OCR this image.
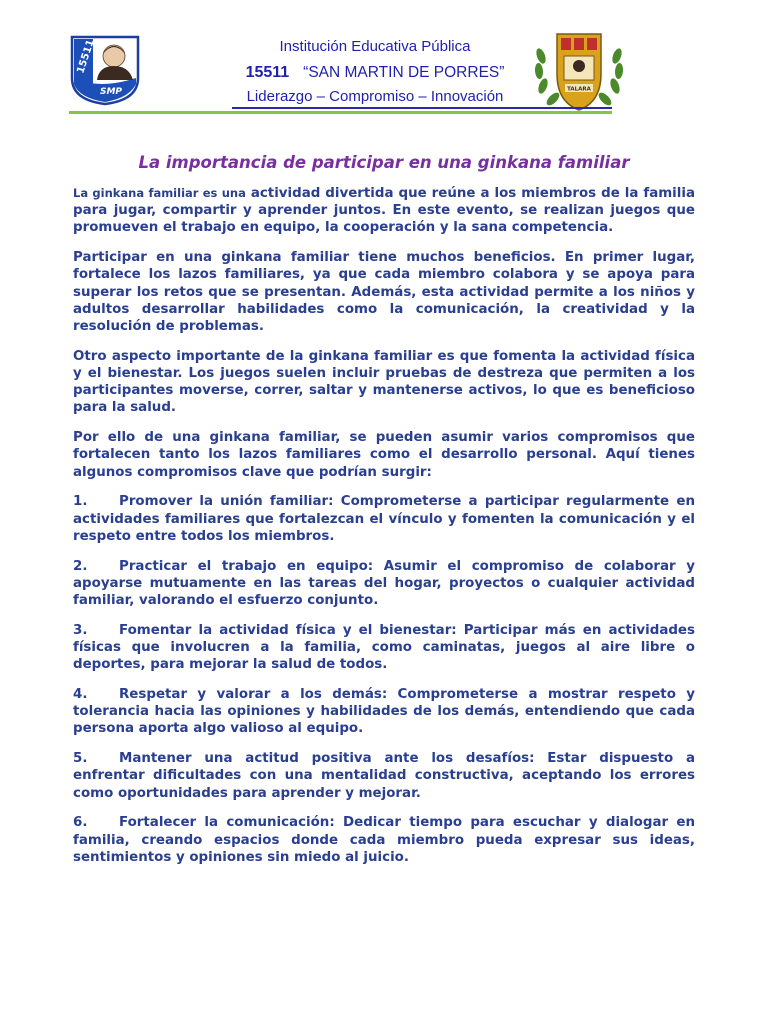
15511
SMP
Institución Educativa Pública
15511 “SAN MARTIN DE PORRES”
Liderazgo – Compromiso – Innovación	TALARA
La importancia de participar en una ginkana familiar

La ginkana familiar es una actividad divertida que reúne a los miembros de la familia para jugar, compartir y aprender juntos. En este evento, se realizan juegos que promueven el trabajo en equipo, la cooperación y la sana competencia.

Participar en una ginkana familiar tiene muchos beneficios. En primer lugar, fortalece los lazos familiares, ya que cada miembro colabora y se apoya para superar los retos que se presentan. Además, esta actividad permite a los niños y adultos desarrollar habilidades como la comunicación, la creatividad y la resolución de problemas.

Otro aspecto importante de la ginkana familiar es que fomenta la actividad física y el bienestar. Los juegos suelen incluir pruebas de destreza que permiten a los participantes moverse, correr, saltar y mantenerse activos, lo que es beneficioso para la salud.

Por ello de una ginkana familiar, se pueden asumir varios compromisos que fortalecen tanto los lazos familiares como el desarrollo personal. Aquí tienes algunos compromisos clave que podrían surgir:

1. Promover la unión familiar: Comprometerse a participar regularmente en actividades familiares que fortalezcan el vínculo y fomenten la comunicación y el respeto entre todos los miembros.

2. Practicar el trabajo en equipo: Asumir el compromiso de colaborar y apoyarse mutuamente en las tareas del hogar, proyectos o cualquier actividad familiar, valorando el esfuerzo conjunto.

3. Fomentar la actividad física y el bienestar: Participar más en actividades físicas que involucren a la familia, como caminatas, juegos al aire libre o deportes, para mejorar la salud de todos.

4. Respetar y valorar a los demás: Comprometerse a mostrar respeto y tolerancia hacia las opiniones y habilidades de los demás, entendiendo que cada persona aporta algo valioso al equipo.

5. Mantener una actitud positiva ante los desafíos: Estar dispuesto a enfrentar dificultades con una mentalidad constructiva, aceptando los errores como oportunidades para aprender y mejorar.

6. Fortalecer la comunicación: Dedicar tiempo para escuchar y dialogar en familia, creando espacios donde cada miembro pueda expresar sus ideas, sentimientos y opiniones sin miedo al juicio.
